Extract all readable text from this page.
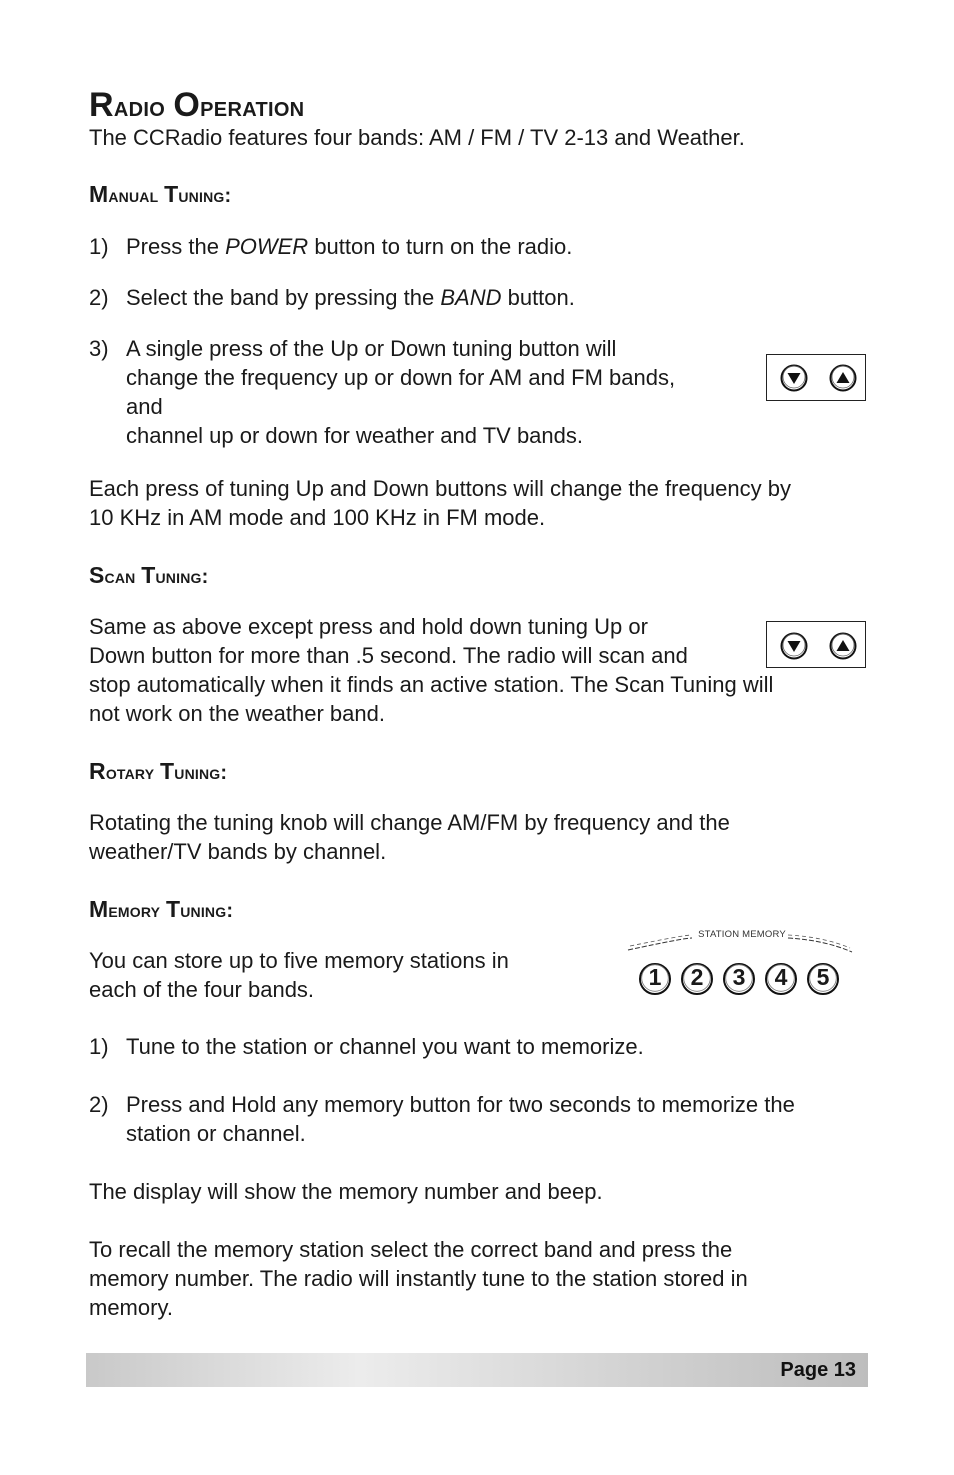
Radio Operation
The CCRadio features four bands: AM / FM / TV 2-13 and Weather.
Manual Tuning:
1) Press the POWER button to turn on the radio.
2) Select the band by pressing the BAND button.
3) A single press of the Up or Down tuning button will
change the frequency up or down for AM and FM bands,
and
channel up or down for weather and TV bands.
Each press of tuning Up and Down buttons will change the frequency by
10 KHz in AM mode and 100 KHz in FM mode.
Scan Tuning:
Same as above except press and hold down tuning Up or
Down button for more than .5 second. The radio will scan and
stop automatically when it finds an active station. The Scan Tuning will
not work on the weather band.
Rotary Tuning:
Rotating the tuning knob will change AM/FM by frequency and the
weather/TV bands by channel.
Memory Tuning:
You can store up to five memory stations in
each of the four bands.
STATION MEMORY
1	2	3	4	5
1) Tune to the station or channel you want to memorize.
2) Press and Hold any memory button for two seconds to memorize the
station or channel.
The display will show the memory number and beep.
To recall the memory station select the correct band and press the
memory number. The radio will instantly tune to the station stored in
memory.
Page 13
